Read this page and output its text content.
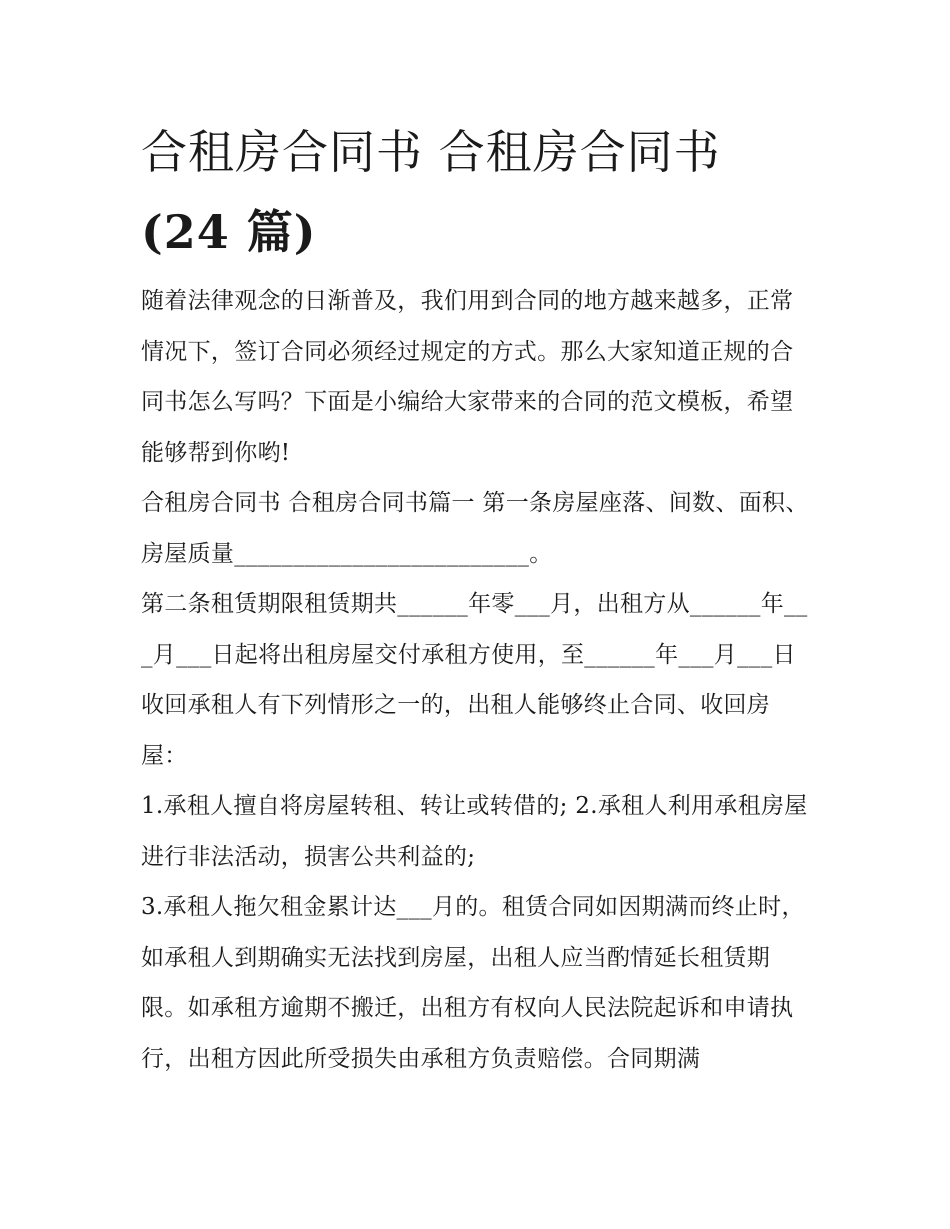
合租房合同书 合租房合同书
(24 篇)

随着法律观念的日渐普及，我们用到合同的地方越来越多，正常情况下，签订合同必须经过规定的方式。那么大家知道正规的合同书怎么写吗？下面是小编给大家带来的合同的范文模板，希望能够帮到你哟!

合租房合同书 合租房合同书篇一 第一条房屋座落、间数、面积、房屋质量_________________________。

第二条租赁期限租赁期共______年零___月，出租方从______年___月___日起将出租房屋交付承租方使用，至______年___月___日收回承租人有下列情形之一的，出租人能够终止合同、收回房屋：

1.承租人擅自将房屋转租、转让或转借的; 2.承租人利用承租房屋进行非法活动，损害公共利益的;

3.承租人拖欠租金累计达___月的。租赁合同如因期满而终止时，如承租人到期确实无法找到房屋，出租人应当酌情延长租赁期限。如承租方逾期不搬迁，出租方有权向人民法院起诉和申请执行，出租方因此所受损失由承租方负责赔偿。合同期满
